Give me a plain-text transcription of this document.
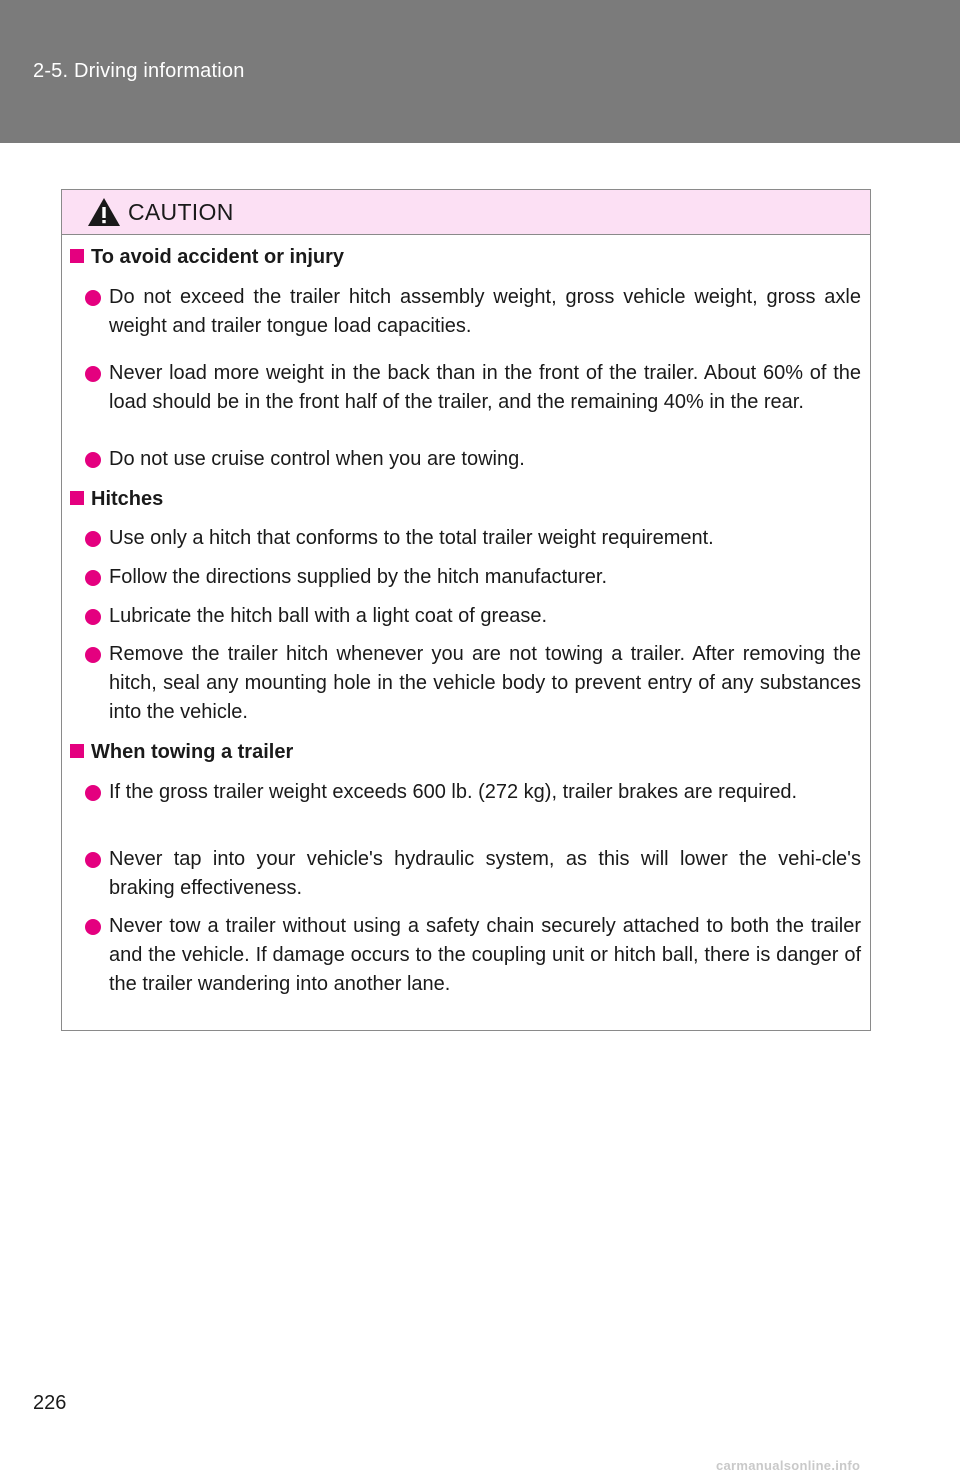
2-5. Driving information
CAUTION
To avoid accident or injury
Do not exceed the trailer hitch assembly weight, gross vehicle weight, gross axle weight and trailer tongue load capacities.
Never load more weight in the back than in the front of the trailer. About 60% of the load should be in the front half of the trailer, and the remaining 40% in the rear.
Do not use cruise control when you are towing.
Hitches
Use only a hitch that conforms to the total trailer weight requirement.
Follow the directions supplied by the hitch manufacturer.
Lubricate the hitch ball with a light coat of grease.
Remove the trailer hitch whenever you are not towing a trailer. After removing the hitch, seal any mounting hole in the vehicle body to prevent entry of any substances into the vehicle.
When towing a trailer
If the gross trailer weight exceeds 600 lb. (272 kg), trailer brakes are required.
Never tap into your vehicle's hydraulic system, as this will lower the vehi-cle's braking effectiveness.
Never tow a trailer without using a safety chain securely attached to both the trailer and the vehicle. If damage occurs to the coupling unit or hitch ball, there is danger of the trailer wandering into another lane.
226
carmanualsonline.info
